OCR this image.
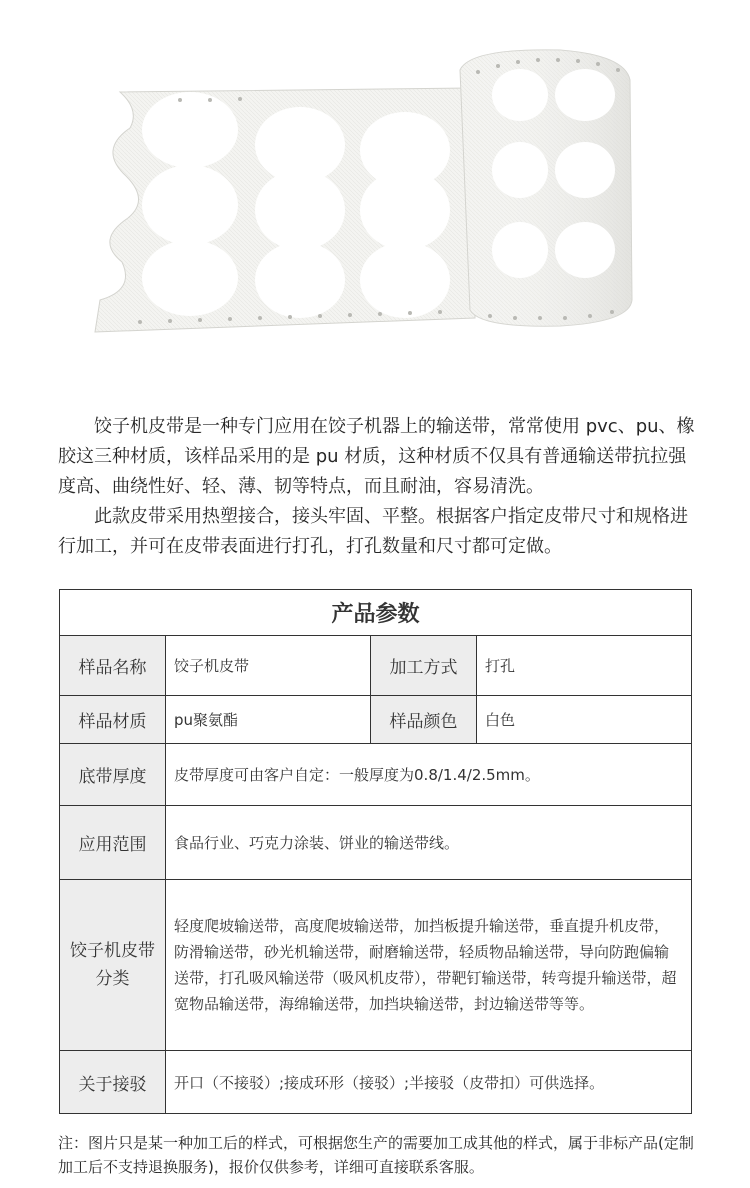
饺子机皮带是一种专门应用在饺子机器上的输送带，常常使用 pvc、pu、橡胶这三种材质，该样品采用的是 pu 材质，这种材质不仅具有普通输送带抗拉强度高、曲绕性好、轻、薄、韧等特点，而且耐油，容易清洗。

此款皮带采用热塑接合，接头牢固、平整。根据客户指定皮带尺寸和规格进行加工，并可在皮带表面进行打孔，打孔数量和尺寸都可定做。

产品参数			
样品名称	饺子机皮带	加工方式	打孔
样品材质	pu聚氨酯	样品颜色	白色
底带厚度	皮带厚度可由客户自定：一般厚度为0.8/1.4/2.5mm。		
应用范围	食品行业、巧克力涂装、饼业的输送带线。		
饺子机皮带分类	轻度爬坡输送带，高度爬坡输送带，加挡板提升输送带，垂直提升机皮带，防滑输送带，砂光机输送带，耐磨输送带，轻质物品输送带，导向防跑偏输送带，打孔吸风输送带（吸风机皮带），带靶钉输送带，转弯提升输送带，超宽物品输送带，海绵输送带，加挡块输送带，封边输送带等等。		
关于接驳	开口（不接驳）;接成环形（接驳）;半接驳（皮带扣）可供选择。		
注：图片只是某一种加工后的样式，可根据您生产的需要加工成其他的样式，属于非标产品(定制加工后不支持退换服务)，报价仅供参考，详细可直接联系客服。
